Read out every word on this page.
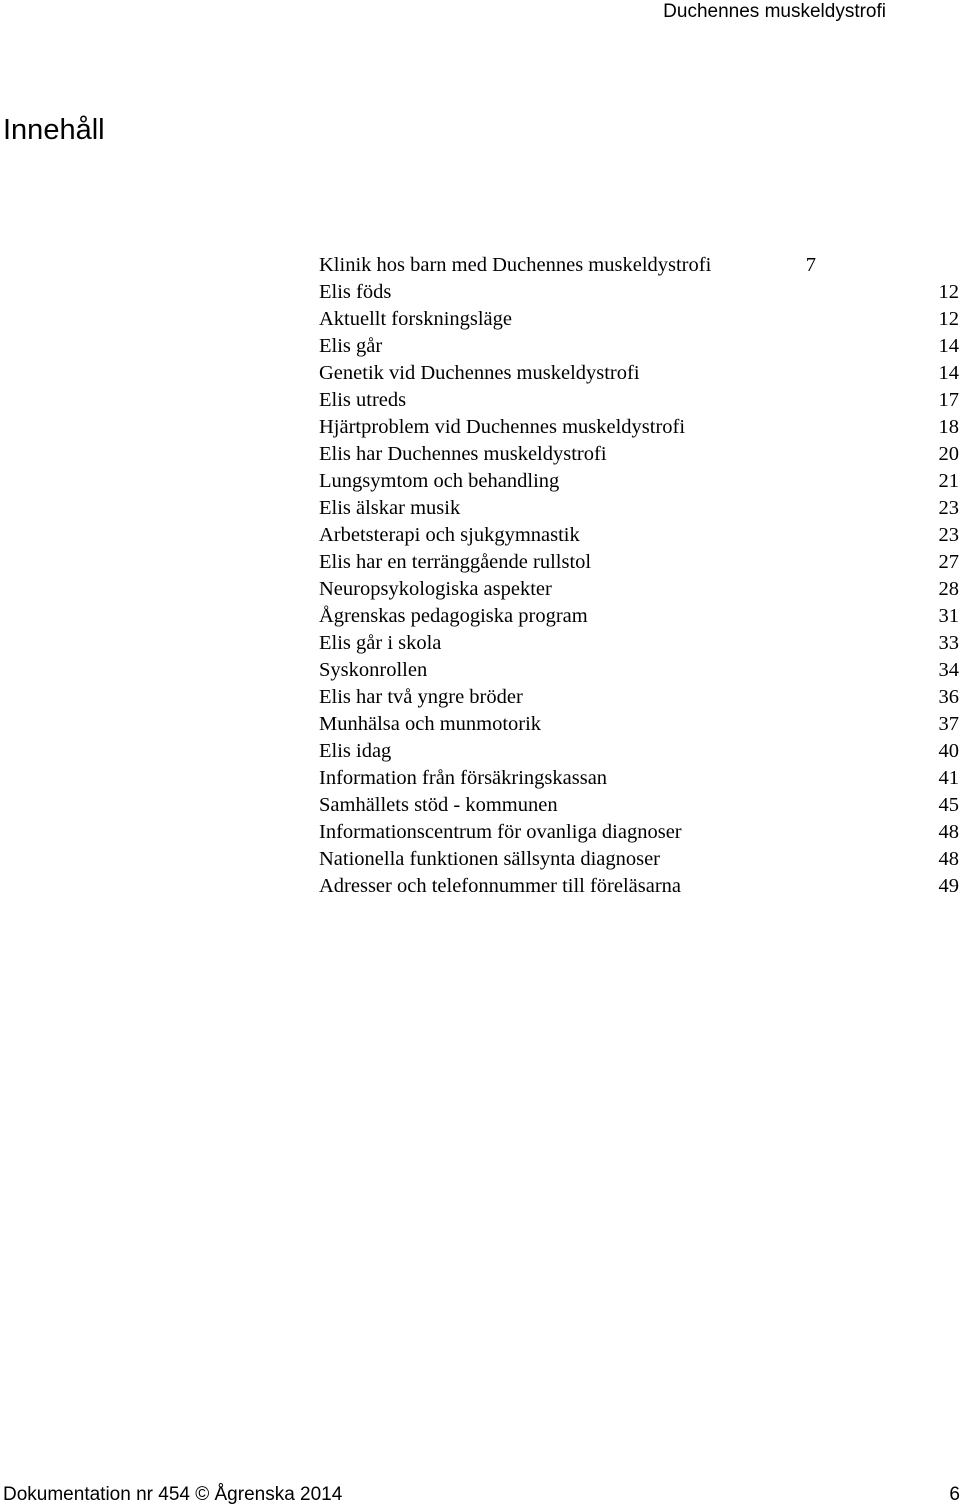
Duchennes muskeldystrofi
Innehåll
Klinik hos barn med Duchennes muskeldystrofi	7
Elis föds	12
Aktuellt forskningsläge	12
Elis går	14
Genetik vid Duchennes muskeldystrofi	14
Elis utreds	17
Hjärtproblem vid Duchennes muskeldystrofi	18
Elis har Duchennes muskeldystrofi	20
Lungsymtom och behandling	21
Elis älskar musik	23
Arbetsterapi och sjukgymnastik	23
Elis har en terränggående rullstol	27
Neuropsykologiska aspekter	28
Ågrenskas pedagogiska program	31
Elis går i skola	33
Syskonrollen	34
Elis har två yngre bröder	36
Munhälsa och munmotorik	37
Elis idag	40
Information från försäkringskassan	41
Samhällets stöd - kommunen	45
Informationscentrum för ovanliga diagnoser	48
Nationella funktionen sällsynta diagnoser	48
Adresser och telefonnummer till föreläsarna	49
Dokumentation nr 454 © Ågrenska 2014	6
